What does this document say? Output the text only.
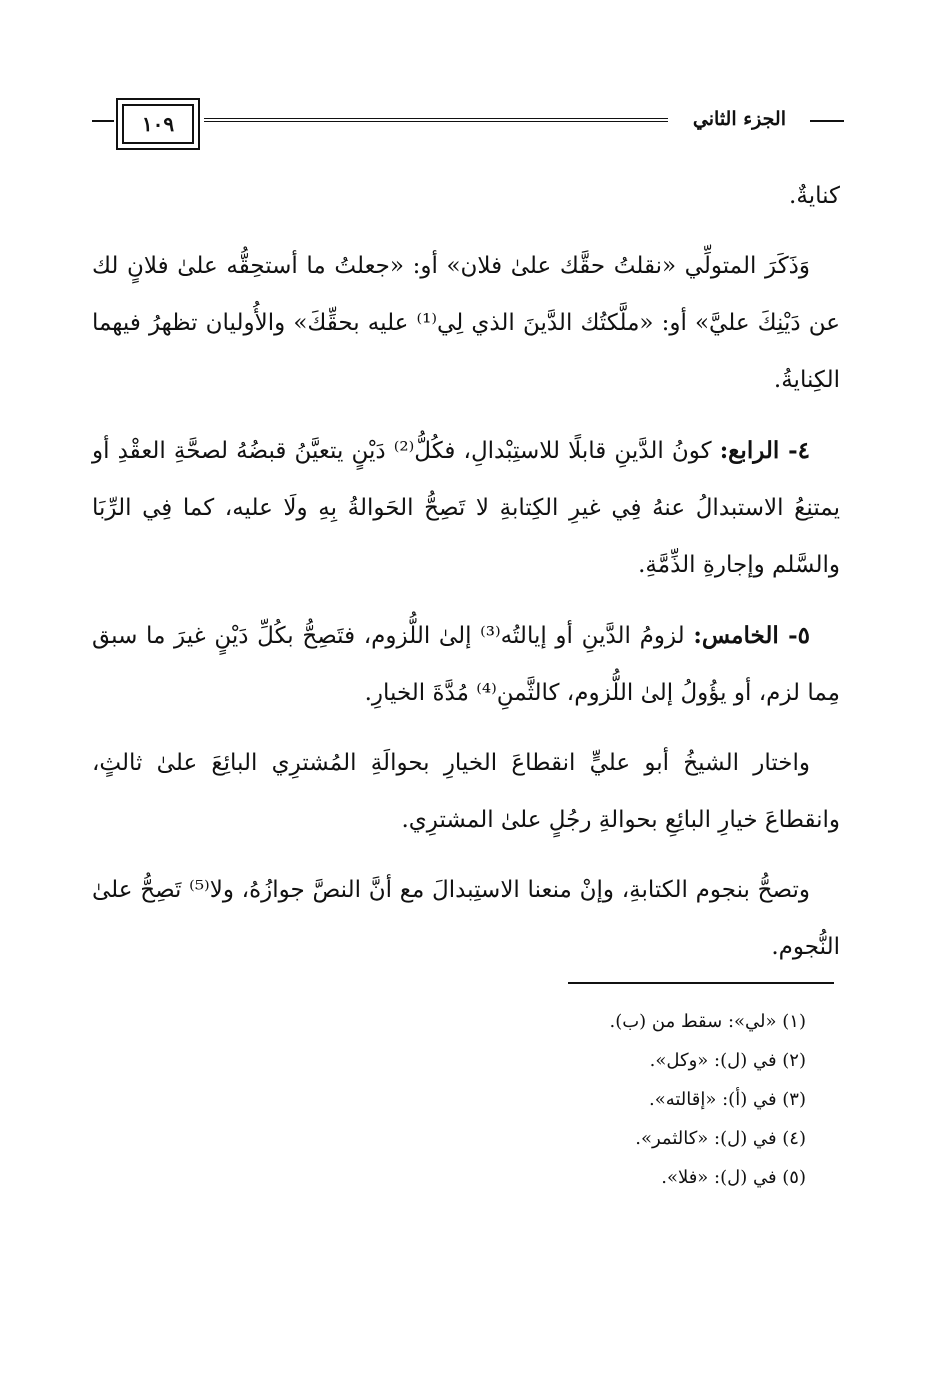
١٠٩	الجزء الثاني

كنايةٌ.

وَذَكَرَ المتولِّي «نقلتُ حقَّك علىٰ فلان» أو: «جعلتُ ما أستحِقُّه علىٰ فلانٍ لك عن دَيْنِكَ عليَّ» أو: «ملَّكتُك الدَّينَ الذي لِي⁽¹⁾ عليه بحقِّكَ» والأُوليان تظهرُ فيهما الكِنايةُ.

٤- الرابع: كونُ الدَّينِ قابلًا للاستِبْدالِ، فكُلُّ⁽²⁾ دَيْنٍ يتعيَّنُ قبضُهُ لصحَّةِ العقْدِ أو يمتنِعُ الاستبدالُ عنهُ فِي غيرِ الكِتابةِ لا تَصِحُّ الحَوالةُ بِهِ ولَا عليه، كما فِي الرِّبَا والسَّلم وإجارةِ الذِّمَّةِ.

٥- الخامس: لزومُ الدَّينِ أو إيالتُه⁽³⁾ إلىٰ اللُّزوم، فتَصِحُّ بكُلِّ دَيْنٍ غيرَ ما سبق مِما لزم، أو يؤُولُ إلىٰ اللُّزوم، كالثَّمنِ⁽⁴⁾ مُدَّةَ الخيارِ.

واختار الشيخُ أبو عليٍّ انقطاعَ الخيارِ بحوالَةِ المُشترِي البائِعَ علىٰ ثالثٍ، وانقطاعَ خيارِ البائِعِ بحوالةِ رجُلٍ علىٰ المشترِي.

وتصحُّ بنجوم الكتابةِ، وإنْ منعنا الاستِبدالَ مع أنَّ النصَّ جوازُهُ، ولا⁽⁵⁾ تَصِحُّ علىٰ النُّجوم.

(١) «لي»: سقط من (ب).
(٢) في (ل): «وكل».
(٣) في (أ): «إقالته».
(٤) في (ل): «كالثمر».
(٥) في (ل): «فلا».
